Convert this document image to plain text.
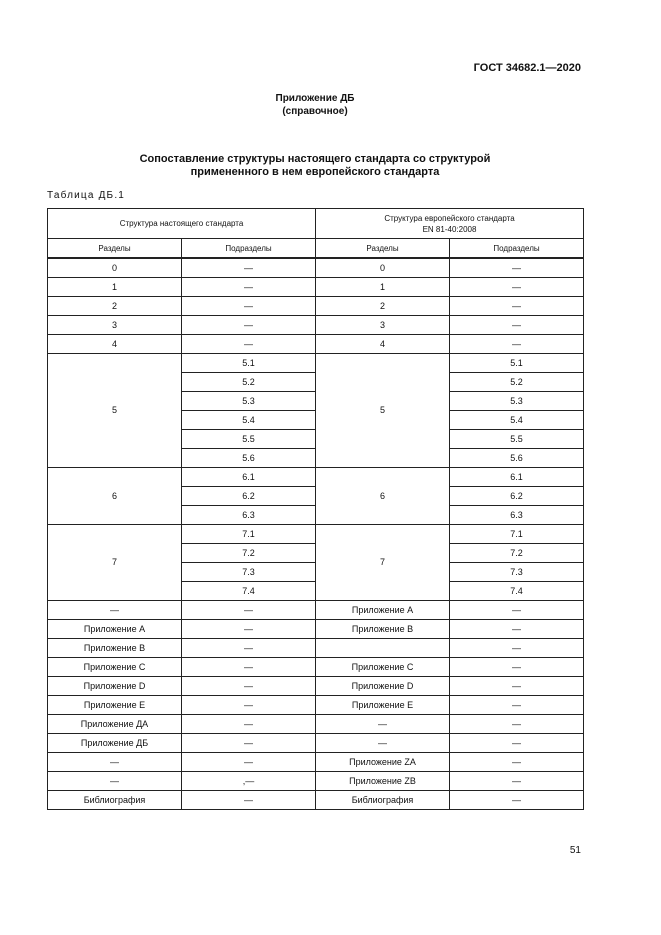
ГОСТ 34682.1—2020
Приложение ДБ
(справочное)
Сопоставление структуры настоящего стандарта со структурой
примененного в нем европейского стандарта
Таблица ДБ.1
Структура настоящего стандарта		Структура европейского стандарта
EN 81-40:2008	

Разделы	Подразделы	Разделы	Подразделы
0	—	0	—
1	—	1	—
2	—	2	—
3	—	3	—
4	—	4	—
5	5.1	5	5.1
	5.2		5.2
	5.3		5.3
	5.4		5.4
	5.5		5.5
	5.6		5.6
6	6.1	6	6.1
	6.2		6.2
	6.3		6.3
7	7.1	7	7.1
	7.2		7.2
	7.3		7.3
	7.4		7.4
—	—	Приложение A	—
Приложение А	—	Приложение B	—
Приложение В	—		—
Приложение С	—	Приложение С	—
Приложение D	—	Приложение D	—
Приложение Е	—	Приложение Е	—
Приложение ДА	—	—	—
Приложение ДБ	—	—	—
—	—	Приложение ZA	—
—	,—	Приложение ZB	—
Библиография	—	Библиография	—
51
